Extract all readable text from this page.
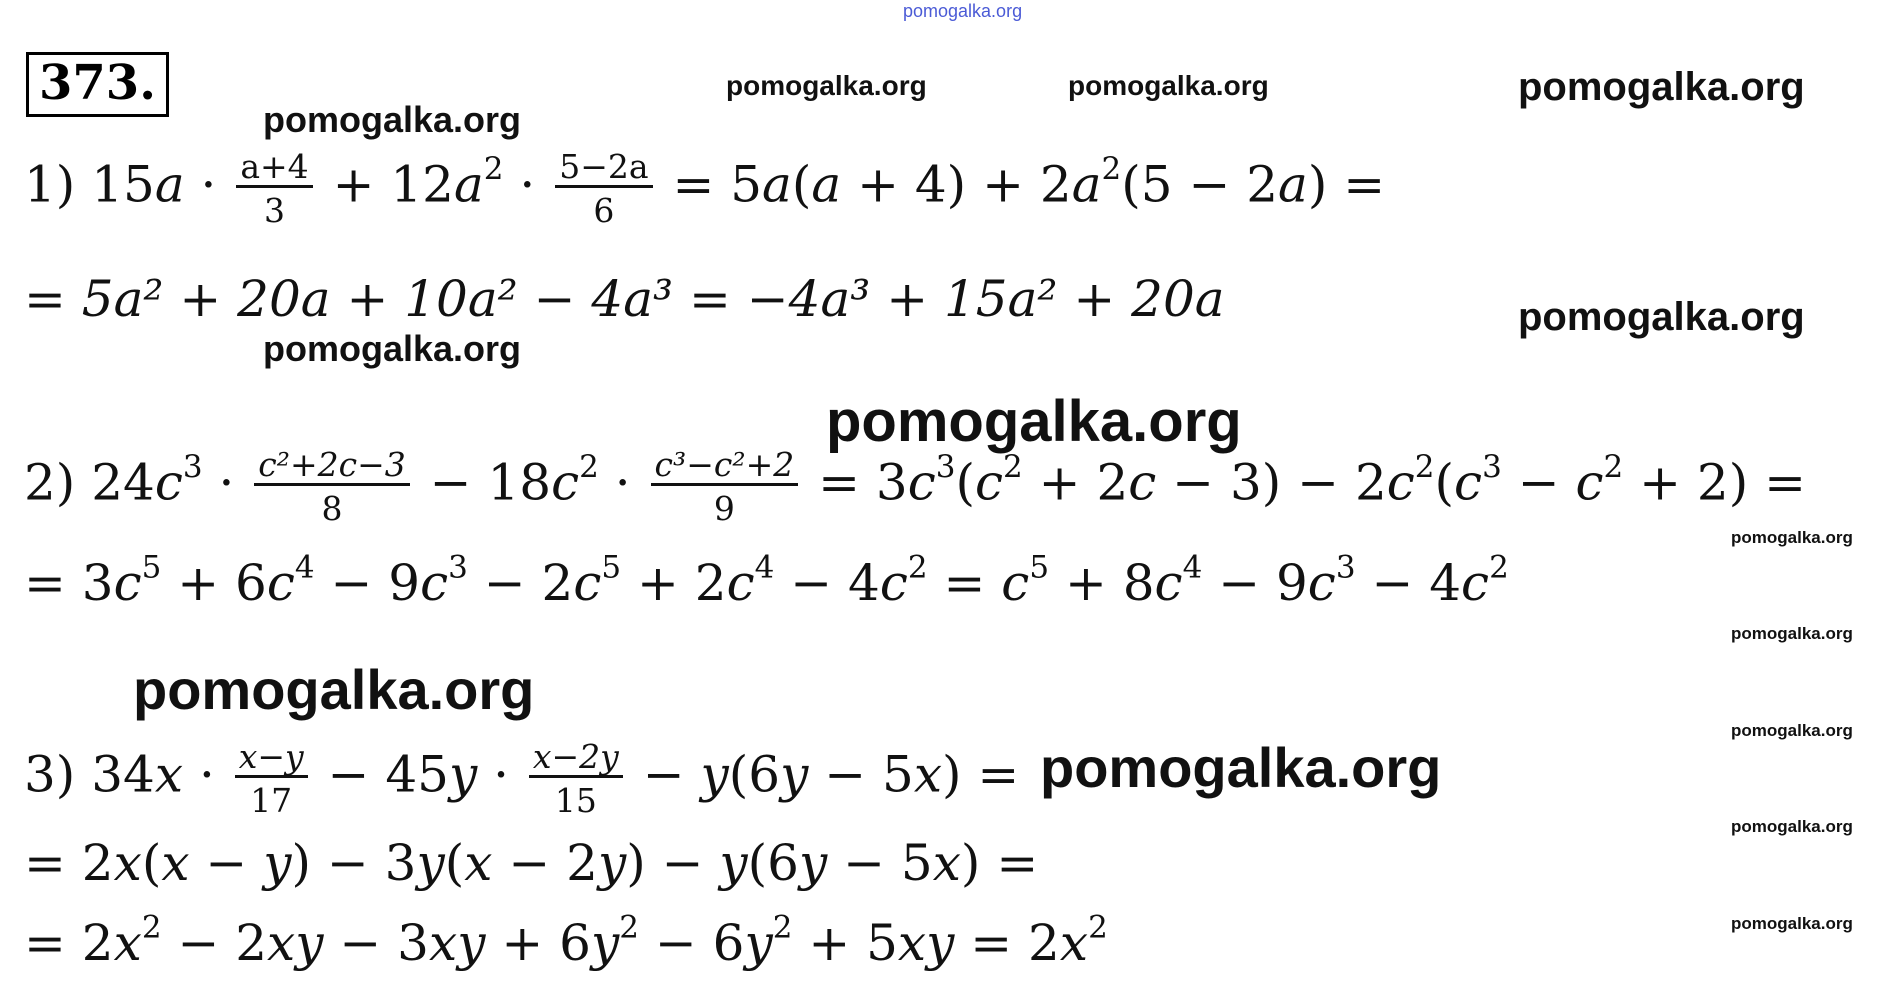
373.
pomogalka.org
pomogalka.org	pomogalka.org	pomogalka.org
pomogalka.org
pomogalka.org
pomogalka.org
pomogalka.org
pomogalka.org
pomogalka.org
pomogalka.org
pomogalka.org
pomogalka.org
pomogalka.org
pomogalka.org
1) $15a \cdot \frac{a+4}{3} + 12a^2 \cdot \frac{5-2a}{6} = 5a(a + 4) + 2a^2(5 - 2a)$ =
= 5a² + 20a + 10a² − 4a³ = −4a³ + 15a² + 20a
2) $24c^3 \cdot \frac{\text{c²+2c−3}}{8} - 18c^2 \cdot \frac{\text{c³−c²+2}}{9} = 3c^3(c^2 + 2c - 3) - 2c^2(c^3 - c^2 + 2)$ =
= $3c^5 + 6c^4 - 9c^3 - 2c^5 + 2c^4 - 4c^2 = c^5 + 8c^4 - 9c^3 - 4c^2$
3) $34x \cdot \frac{x-y}{17} - 45y \cdot \frac{x-2y}{15} - y(6y - 5x)$ =
= 2x(x − y) − 3y(x − 2y) − y(6y − 5x) =
= $2x^2 - 2xy - 3xy + 6y^2 - 6y^2 + 5xy = 2x^2$
